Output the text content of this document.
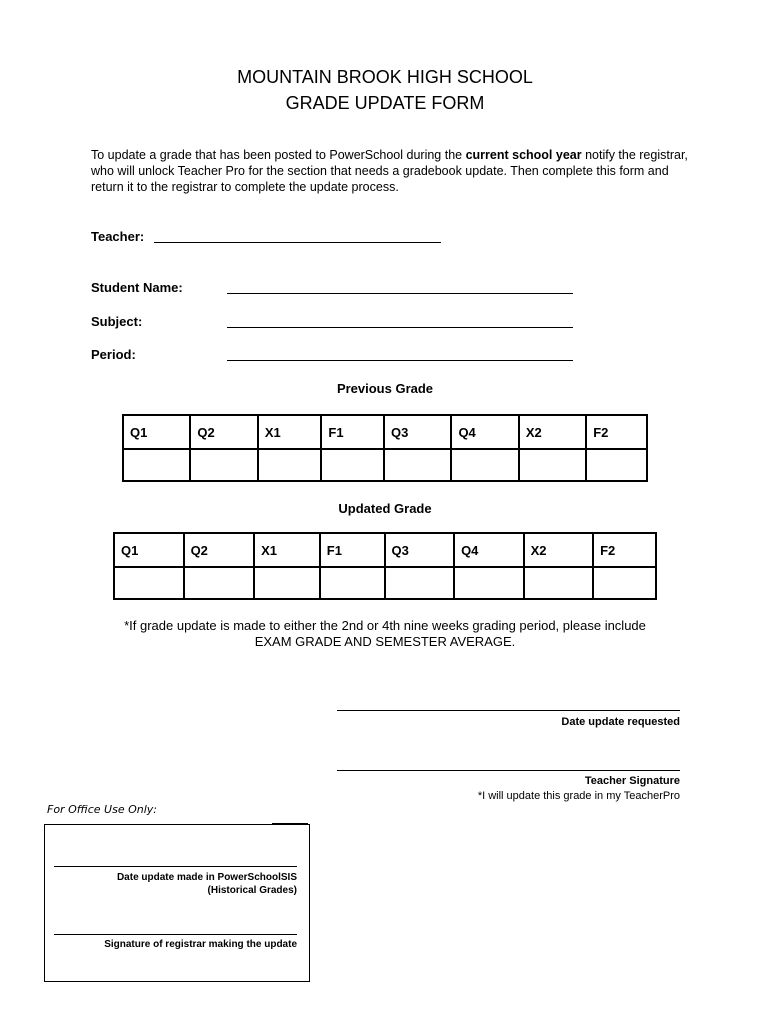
MOUNTAIN BROOK HIGH SCHOOL
GRADE UPDATE FORM
To update a grade that has been posted to PowerSchool during the current school year notify the registrar, who will unlock Teacher Pro for the section that needs a gradebook update. Then complete this form and return it to the registrar to complete the update process.
Teacher:
Student Name:
Subject:
Period:
Previous Grade
Q1	Q2	X1	F1	Q3	Q4	X2	F2

Updated Grade
Q1	Q2	X1	F1	Q3	Q4	X2	F2

*If grade update is made to either the 2nd or 4th nine weeks grading period, please include
EXAM GRADE AND SEMESTER AVERAGE.
Date update requested
Teacher Signature
*I will update this grade in my TeacherPro
For Office Use Only:
Date update made in PowerSchoolSIS
(Historical Grades)
Signature of registrar making the update
